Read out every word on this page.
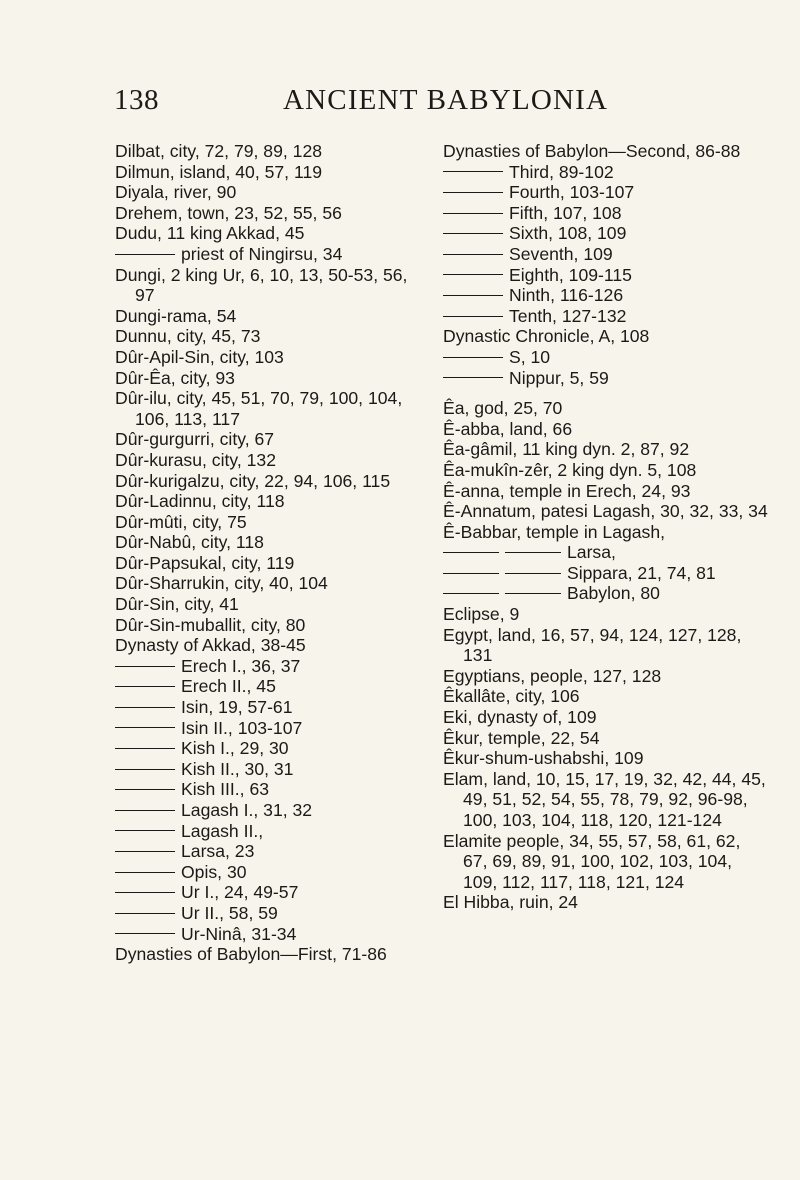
138	ANCIENT BABYLONIA
Dilbat, city, 72, 79, 89, 128
Dilmun, island, 40, 57, 119
Diyala, river, 90
Drehem, town, 23, 52, 55, 56
Dudu, 11 king Akkad, 45
priest of Ningirsu, 34
Dungi, 2 king Ur, 6, 10, 13, 50-53, 56, 97
Dungi-rama, 54
Dunnu, city, 45, 73
Dûr-Apil-Sin, city, 103
Dûr-Êa, city, 93
Dûr-ilu, city, 45, 51, 70, 79, 100, 104, 106, 113, 117
Dûr-gurgurri, city, 67
Dûr-kurasu, city, 132
Dûr-kurigalzu, city, 22, 94, 106, 115
Dûr-Ladinnu, city, 118
Dûr-mûti, city, 75
Dûr-Nabû, city, 118
Dûr-Papsukal, city, 119
Dûr-Sharrukin, city, 40, 104
Dûr-Sin, city, 41
Dûr-Sin-muballit, city, 80
Dynasty of Akkad, 38-45
Erech I., 36, 37
Erech II., 45
Isin, 19, 57-61
Isin II., 103-107
Kish I., 29, 30
Kish II., 30, 31
Kish III., 63
Lagash I., 31, 32
Lagash II.,
Larsa, 23
Opis, 30
Ur I., 24, 49-57
Ur II., 58, 59
Ur-Ninâ, 31-34
Dynasties of Babylon—First, 71-86
Dynasties of Babylon—Second, 86-88
Third, 89-102
Fourth, 103-107
Fifth, 107, 108
Sixth, 108, 109
Seventh, 109
Eighth, 109-115
Ninth, 116-126
Tenth, 127-132
Dynastic Chronicle, A, 108
S, 10
Nippur, 5, 59
Êa, god, 25, 70
Ê-abba, land, 66
Êa-gâmil, 11 king dyn. 2, 87, 92
Êa-mukîn-zêr, 2 king dyn. 5, 108
Ê-anna, temple in Erech, 24, 93
Ê-Annatum, patesi Lagash, 30, 32, 33, 34
Ê-Babbar, temple in Lagash,
Larsa,
Sippara, 21, 74, 81
Babylon, 80
Eclipse, 9
Egypt, land, 16, 57, 94, 124, 127, 128, 131
Egyptians, people, 127, 128
Êkallâte, city, 106
Eki, dynasty of, 109
Êkur, temple, 22, 54
Êkur-shum-ushabshi, 109
Elam, land, 10, 15, 17, 19, 32, 42, 44, 45, 49, 51, 52, 54, 55, 78, 79, 92, 96-98, 100, 103, 104, 118, 120, 121-124
Elamite people, 34, 55, 57, 58, 61, 62, 67, 69, 89, 91, 100, 102, 103, 104, 109, 112, 117, 118, 121, 124
El Hibba, ruin, 24
